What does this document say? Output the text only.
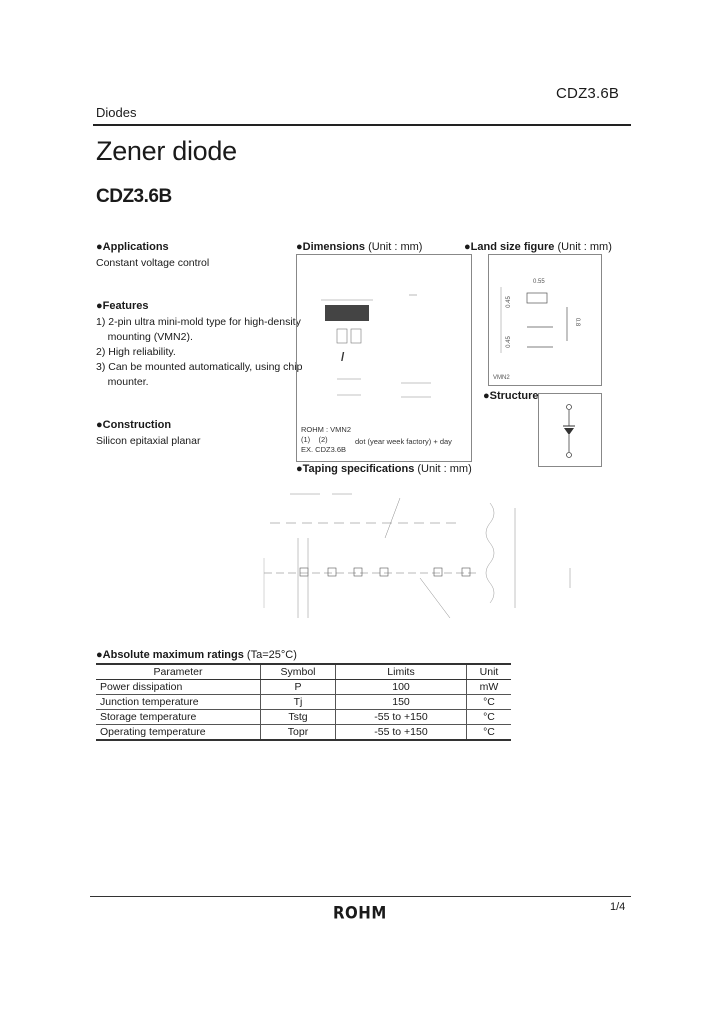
CDZ3.6B
Diodes
Zener diode
CDZ3.6B
●Applications
Constant voltage control
●Features
1) 2-pin ultra mini-mold type for high-density
mounting (VMN2).
2) High reliability.
3) Can be mounted automatically, using chip
mounter.
●Construction
Silicon epitaxial planar
●Dimensions (Unit : mm)
/
ROHM : VMN2
(1)    (2)
EX. CDZ3.6B
dot (year week factory) + day
●Land size figure (Unit : mm)
0.55
0.45
0.45
0.8
VMN2
●Structure
●Taping specifications (Unit : mm)
●Absolute maximum ratings (Ta=25°C)
Parameter	Symbol	Limits	Unit
Power dissipation	P	100	mW
Junction temperature	Tj	150	°C
Storage temperature	Tstg	-55 to +150	°C
Operating temperature	Topr	-55 to +150	°C
1/4
ROHM
